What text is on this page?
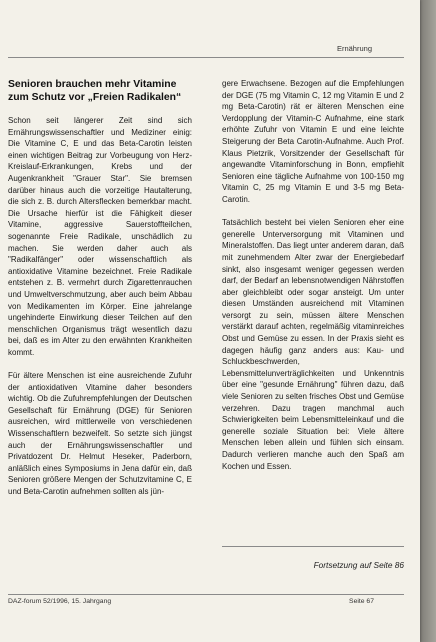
Ernährung
Senioren brauchen mehr Vitamine zum Schutz vor „Freien Radikalen“

Schon seit längerer Zeit sind sich Ernährungswissenschaftler und Mediziner einig: Die Vitamine C, E und das Beta-Carotin leisten einen wichtigen Beitrag zur Vorbeugung von Herz-Kreislauf-Erkrankungen, Krebs und der Augenkrankheit "Grauer Star". Sie bremsen darüber hinaus auch die vorzeitige Hautalterung, die sich z. B. durch Altersflecken bemerkbar macht. Die Ursache hierfür ist die Fähigkeit dieser Vitamine, aggressive Sauerstoffteilchen, sogenannte Freie Radikale, unschädlich zu machen. Sie werden daher auch als "Radikalfänger" oder wissenschaftlich als antioxidative Vitamine bezeichnet. Freie Radikale entstehen z. B. vermehrt durch Zigarettenrauchen und Umweltverschmutzung, aber auch beim Abbau von Medikamenten im Körper. Eine jahrelange ungehinderte Einwirkung dieser Teilchen auf den menschlichen Organismus trägt wesentlich dazu bei, daß es im Alter zu den erwähnten Krankheiten kommt.

Für ältere Menschen ist eine ausreichende Zufuhr der antioxidativen Vitamine daher besonders wichtig. Ob die Zufuhrempfehlungen der Deutschen Gesellschaft für Ernährung (DGE) für Senioren ausreichen, wird mittlerweile von verschiedenen Wissenschaftlern bezweifelt. So setzte sich jüngst auch der Ernährungswissenschaftler und Privatdozent Dr. Helmut Heseker, Paderborn, anläßlich eines Symposiums in Jena dafür ein, daß Senioren größere Mengen der Schutzvitamine C, E und Beta-Carotin aufnehmen sollten als jün-

gere Erwachsene. Bezogen auf die Empfehlungen der DGE (75 mg Vitamin C, 12 mg Vitamin E und 2 mg Beta-Carotin) rät er älteren Menschen eine Verdopplung der Vitamin-C Aufnahme, eine stark erhöhte Zufuhr von Vitamin E und eine leichte Steigerung der Beta Carotin-Aufnahme. Auch Prof. Klaus Pietzrik, Vorsitzender der Gesellschaft für angewandte Vitaminforschung in Bonn, empfiehlt Senioren eine tägliche Aufnahme von 100-150 mg Vitamin C, 25 mg Vitamin E und 3-5 mg Beta-Carotin.

Tatsächlich besteht bei vielen Senioren eher eine generelle Unterversorgung mit Vitaminen und Mineralstoffen. Das liegt unter anderem daran, daß mit zunehmendem Alter zwar der Energiebedarf sinkt, also insgesamt weniger gegessen werden darf, der Bedarf an lebensnotwendigen Nährstoffen aber gleichbleibt oder sogar ansteigt. Um unter diesen Umständen ausreichend mit Vitaminen versorgt zu sein, müssen ältere Menschen verstärkt darauf achten, regelmäßig vitaminreiches Obst und Gemüse zu essen. In der Praxis sieht es dagegen häufig ganz anders aus: Kau- und Schluckbeschwerden, Lebensmittelunverträglichkeiten und Unkenntnis über eine "gesunde Ernährung" führen dazu, daß viele Senioren zu selten frisches Obst und Gemüse verzehren. Dazu tragen manchmal auch Schwierigkeiten beim Lebensmitteleinkauf und die generelle soziale Situation bei: Viele ältere Menschen leben allein und fühlen sich einsam. Dadurch verlieren manche auch den Spaß am Kochen und Essen.

Fortsetzung auf Seite 86
DAZ-forum 52/1996, 15. Jahrgang	Seite 67
